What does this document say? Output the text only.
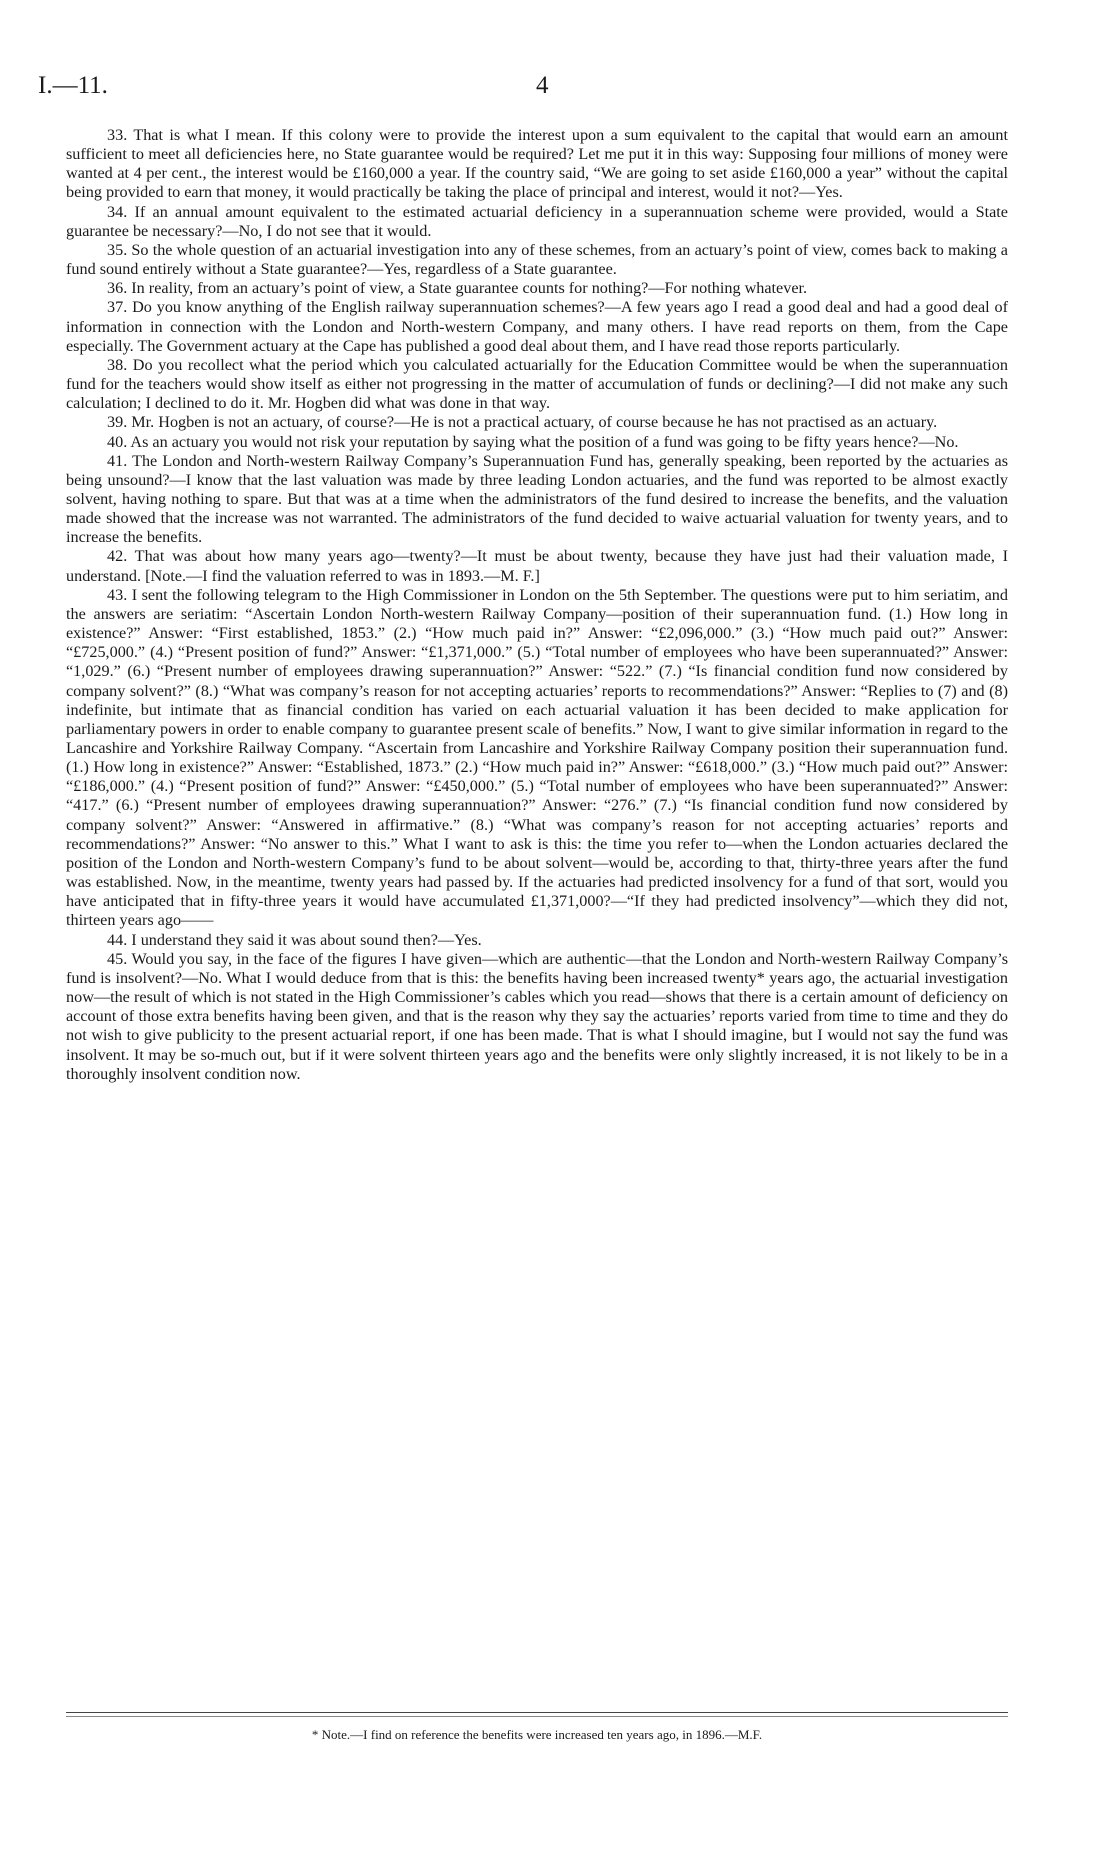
I.—11.	4

33. That is what I mean. If this colony were to provide the interest upon a sum equivalent to the capital that would earn an amount sufficient to meet all deficiencies here, no State guarantee would be required? Let me put it in this way: Supposing four millions of money were wanted at 4 per cent., the interest would be £160,000 a year. If the country said, “We are going to set aside £160,000 a year” without the capital being provided to earn that money, it would practically be taking the place of principal and interest, would it not?—Yes.

34. If an annual amount equivalent to the estimated actuarial deficiency in a superannuation scheme were provided, would a State guarantee be necessary?—No, I do not see that it would.

35. So the whole question of an actuarial investigation into any of these schemes, from an actuary’s point of view, comes back to making a fund sound entirely without a State guarantee?—Yes, regardless of a State guarantee.

36. In reality, from an actuary’s point of view, a State guarantee counts for nothing?—For nothing whatever.

37. Do you know anything of the English railway superannuation schemes?—A few years ago I read a good deal and had a good deal of information in connection with the London and North-western Company, and many others. I have read reports on them, from the Cape especially. The Government actuary at the Cape has published a good deal about them, and I have read those reports particularly.

38. Do you recollect what the period which you calculated actuarially for the Education Committee would be when the superannuation fund for the teachers would show itself as either not progressing in the matter of accumulation of funds or declining?—I did not make any such calculation; I declined to do it. Mr. Hogben did what was done in that way.

39. Mr. Hogben is not an actuary, of course?—He is not a practical actuary, of course because he has not practised as an actuary.

40. As an actuary you would not risk your reputation by saying what the position of a fund was going to be fifty years hence?—No.

41. The London and North-western Railway Company’s Superannuation Fund has, generally speaking, been reported by the actuaries as being unsound?—I know that the last valuation was made by three leading London actuaries, and the fund was reported to be almost exactly solvent, having nothing to spare. But that was at a time when the administrators of the fund desired to increase the benefits, and the valuation made showed that the increase was not warranted. The administrators of the fund decided to waive actuarial valuation for twenty years, and to increase the benefits.

42. That was about how many years ago—twenty?—It must be about twenty, because they have just had their valuation made, I understand. [Note.—I find the valuation referred to was in 1893.—M. F.]

43. I sent the following telegram to the High Commissioner in London on the 5th September. The questions were put to him seriatim, and the answers are seriatim: “Ascertain London North-western Railway Company—position of their superannuation fund. (1.) How long in existence?” Answer: “First established, 1853.” (2.) “How much paid in?” Answer: “£2,096,000.” (3.) “How much paid out?” Answer: “£725,000.” (4.) “Present position of fund?” Answer: “£1,371,000.” (5.) “Total number of employees who have been superannuated?” Answer: “1,029.” (6.) “Present number of employees drawing superannuation?” Answer: “522.” (7.) “Is financial condition fund now considered by company solvent?” (8.) “What was company’s reason for not accepting actuaries’ reports to recommendations?” Answer: “Replies to (7) and (8) indefinite, but intimate that as financial condition has varied on each actuarial valuation it has been decided to make application for parliamentary powers in order to enable company to guarantee present scale of benefits.” Now, I want to give similar information in regard to the Lancashire and Yorkshire Railway Company. “Ascertain from Lancashire and Yorkshire Railway Company position their superannuation fund. (1.) How long in existence?” Answer: “Established, 1873.” (2.) “How much paid in?” Answer: “£618,000.” (3.) “How much paid out?” Answer: “£186,000.” (4.) “Present position of fund?” Answer: “£450,000.” (5.) “Total number of employees who have been superannuated?” Answer: “417.” (6.) “Present number of employees drawing superannuation?” Answer: “276.” (7.) “Is financial condition fund now considered by company solvent?” Answer: “Answered in affirmative.” (8.) “What was company’s reason for not accepting actuaries’ reports and recommendations?” Answer: “No answer to this.” What I want to ask is this: the time you refer to—when the London actuaries declared the position of the London and North-western Company’s fund to be about solvent—would be, according to that, thirty-three years after the fund was established. Now, in the meantime, twenty years had passed by. If the actuaries had predicted insolvency for a fund of that sort, would you have anticipated that in fifty-three years it would have accumulated £1,371,000?—“If they had predicted insolvency”—which they did not, thirteen years ago——

44. I understand they said it was about sound then?—Yes.

45. Would you say, in the face of the figures I have given—which are authentic—that the London and North-western Railway Company’s fund is insolvent?—No. What I would deduce from that is this: the benefits having been increased twenty* years ago, the actuarial investigation now—the result of which is not stated in the High Commissioner’s cables which you read—shows that there is a certain amount of deficiency on account of those extra benefits having been given, and that is the reason why they say the actuaries’ reports varied from time to time and they do not wish to give publicity to the present actuarial report, if one has been made. That is what I should imagine, but I would not say the fund was insolvent. It may be so-much out, but if it were solvent thirteen years ago and the benefits were only slightly increased, it is not likely to be in a thoroughly insolvent condition now.

* Note.—I find on reference the benefits were increased ten years ago, in 1896.—M.F.
